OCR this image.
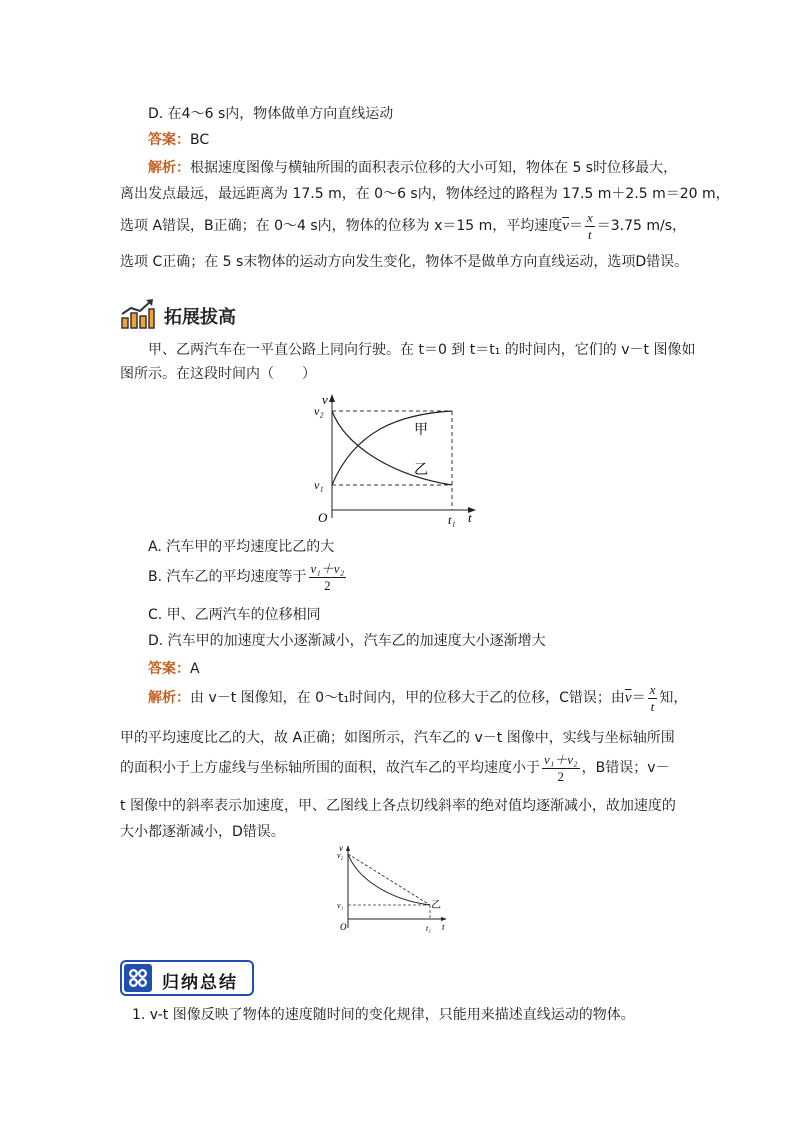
D. 在4～6 s内，物体做单方向直线运动
答案：BC
解析：根据速度图像与横轴所围的面积表示位移的大小可知，物体在 5 s时位移最大，
离出发点最远，最远距离为 17.5 m，在 0～6 s内，物体经过的路程为 17.5 m＋2.5 m＝20 m，
选项 A错误，B正确；在 0～4 s内，物体的位移为 x＝15 m，平均速度$\overline{v}= \frac{x}{t} =3.75$ m/s，
选项 C正确；在 5 s末物体的运动方向发生变化，物体不是做单方向直线运动，选项D错误。
拓展拔高
甲、乙两汽车在一平直公路上同向行驶。在 t＝0 到 t＝t₁ 的时间内，它们的 v－t 图像如
图所示。在这段时间内（　　）
v
v₂
v₁
O	t₁ t
甲
乙
A. 汽车甲的平均速度比乙的大
B. 汽车乙的平均速度等于 $\frac{\text{v₁＋v₂}}{2}$
C. 甲、乙两汽车的位移相同
D. 汽车甲的加速度大小逐渐减小，汽车乙的加速度大小逐渐增大
答案：A
解析：由 v－t 图像知，在 0～t₁时间内，甲的位移大于乙的位移，C错误；由$\overline{v}= \frac{x}{t}$ 知，
甲的平均速度比乙的大，故 A正确；如图所示，汽车乙的 v－t 图像中，实线与坐标轴所围
的面积小于上方虚线与坐标轴所围的面积，故汽车乙的平均速度小于 $\frac{\text{v₁＋v₂}}{2}$ ，B错误；v－
t 图像中的斜率表示加速度，甲、乙图线上各点切线斜率的绝对值均逐渐减小，故加速度的
大小都逐渐减小，D错误。
v
v₂
v₁
O	t₁ t
乙
归纳总结
1. v-t 图像反映了物体的速度随时间的变化规律，只能用来描述直线运动的物体。
